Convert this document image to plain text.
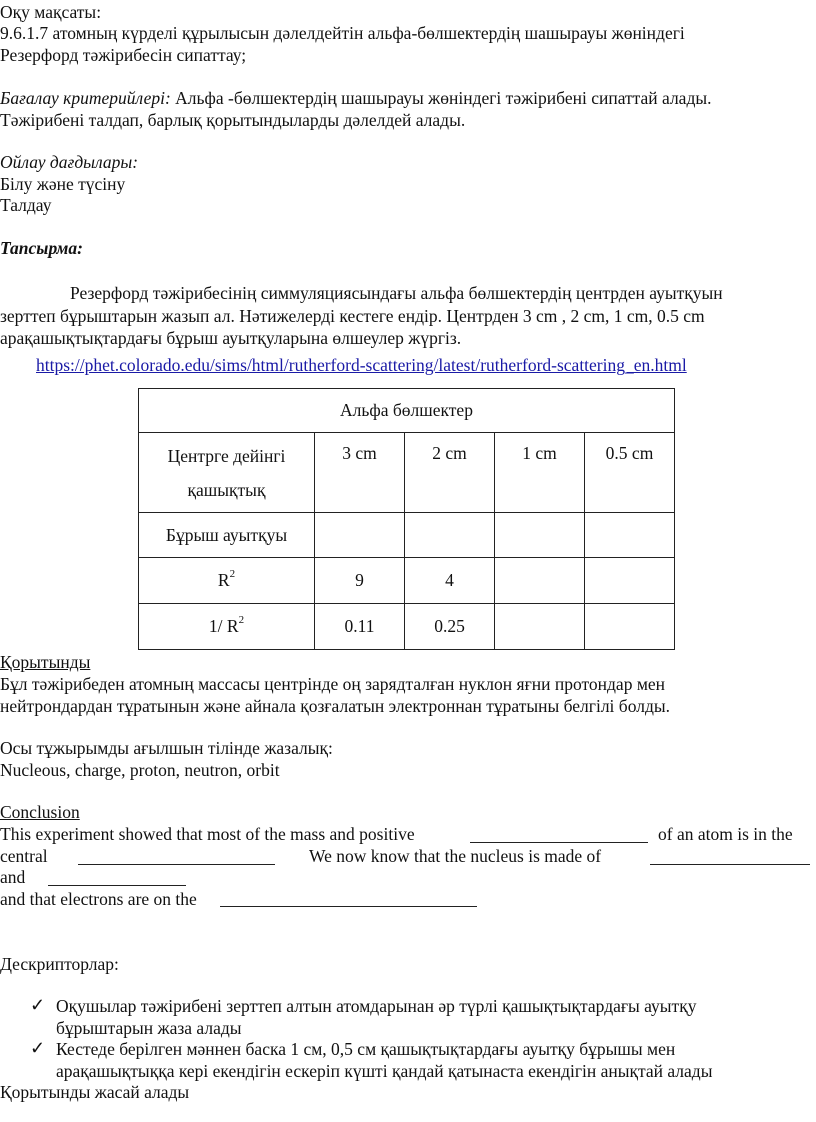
Оқу мақсаты:
9.6.1.7 атомның күрделі құрылысын дәлелдейтін альфа-бөлшектердің шашырауы жөніндегі
Резерфорд тәжірибесін сипаттау;
Бағалау критерийлері: Альфа -бөлшектердің шашырауы жөніндегі тәжірибені сипаттай алады.
Тәжірибені талдап, барлық қорытындыларды дәлелдей алады.
Ойлау дағдылары:
Білу және түсіну
Талдау
Тапсырма:
Резерфорд тәжірибесінің симмуляциясындағы альфа бөлшектердің центрден ауытқуын
зерттеп бұрыштарын жазып ал. Нәтижелерді кестеге ендір. Центрден 3 cm , 2 cm, 1 cm, 0.5 cm
арақашықтықтардағы бұрыш ауытқуларына өлшеулер жүргіз.
https://phet.colorado.edu/sims/html/rutherford-scattering/latest/rutherford-scattering_en.html
Альфа бөлшектер				
Центрге дейінгі
қашықтық	3 cm	2 cm	1 cm	0.5 cm
Бұрыш ауытқуы				
$R^2$	9	4		
1/ $R^2$	0.11	0.25		
Қорытынды
Бұл тәжірибеден атомның массасы центрінде оң зарядталған нуклон яғни протондар мен
нейтрондардан тұратынын және айнала қозғалатын электроннан тұратыны белгілі болды.
Осы тұжырымды ағылшын тілінде жазалық:
Nucleous, charge, proton, neutron, orbit
Conclusion
This experiment showed that most of the mass and positive	of an atom is in the
central	We now know that the nucleus is made of
and
and that electrons are on the
Дескрипторлар:
✓ Оқушылар тәжірибені зерттеп алтын атомдарынан әр түрлі қашықтықтардағы ауытқу
бұрыштарын жаза алады
✓ Кестеде берілген мәннен баска 1 см, 0,5 см қашықтықтардағы ауытқу бұрышы мен
арақашықтыққа кері екендігін ескеріп күшті қандай қатынаста екендігін анықтай алады
Қорытынды жасай алады
